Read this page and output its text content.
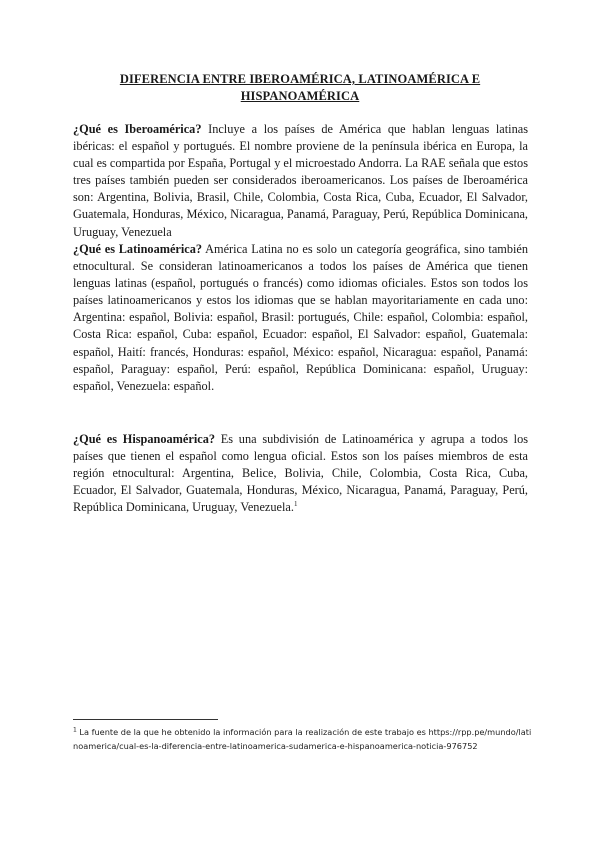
DIFERENCIA ENTRE IBEROAMÉRICA, LATINOAMÉRICA E HISPANOAMÉRICA

¿Qué es Iberoamérica? Incluye a los países de América que hablan lenguas latinas ibéricas: el español y portugués. El nombre proviene de la península ibérica en Europa, la cual es compartida por España, Portugal y el microestado Andorra. La RAE señala que estos tres países también pueden ser considerados iberoamericanos. Los países de Iberoamérica son: Argentina, Bolivia, Brasil, Chile, Colombia, Costa Rica, Cuba, Ecuador, El Salvador, Guatemala, Honduras, México, Nicaragua, Panamá, Paraguay, Perú, República Dominicana, Uruguay, Venezuela

¿Qué es Latinoamérica? América Latina no es solo un categoría geográfica, sino también etnocultural. Se consideran latinoamericanos a todos los países de América que tienen lenguas latinas (español, portugués o francés) como idiomas oficiales. Estos son todos los países latinoamericanos y estos los idiomas que se hablan mayoritariamente en cada uno: Argentina: español, Bolivia: español, Brasil: portugués, Chile: español, Colombia: español, Costa Rica: español, Cuba: español, Ecuador: español, El Salvador: español, Guatemala: español, Haití: francés, Honduras: español, México: español, Nicaragua: español, Panamá: español, Paraguay: español, Perú: español, República Dominicana: español, Uruguay: español, Venezuela: español.

¿Qué es Hispanoamérica? Es una subdivisión de Latinoamérica y agrupa a todos los países que tienen el español como lengua oficial. Estos son los países miembros de esta región etnocultural: Argentina, Belice, Bolivia, Chile, Colombia, Costa Rica, Cuba, Ecuador, El Salvador, Guatemala, Honduras, México, Nicaragua, Panamá, Paraguay, Perú, República Dominicana, Uruguay, Venezuela.$^1$

$^1$ La fuente de la que he obtenido la información para la realización de este trabajo es https://rpp.pe/mundo/latinoamerica/cual-es-la-diferencia-entre-latinoamerica-sudamerica-e-hispanoamerica-noticia-976752
